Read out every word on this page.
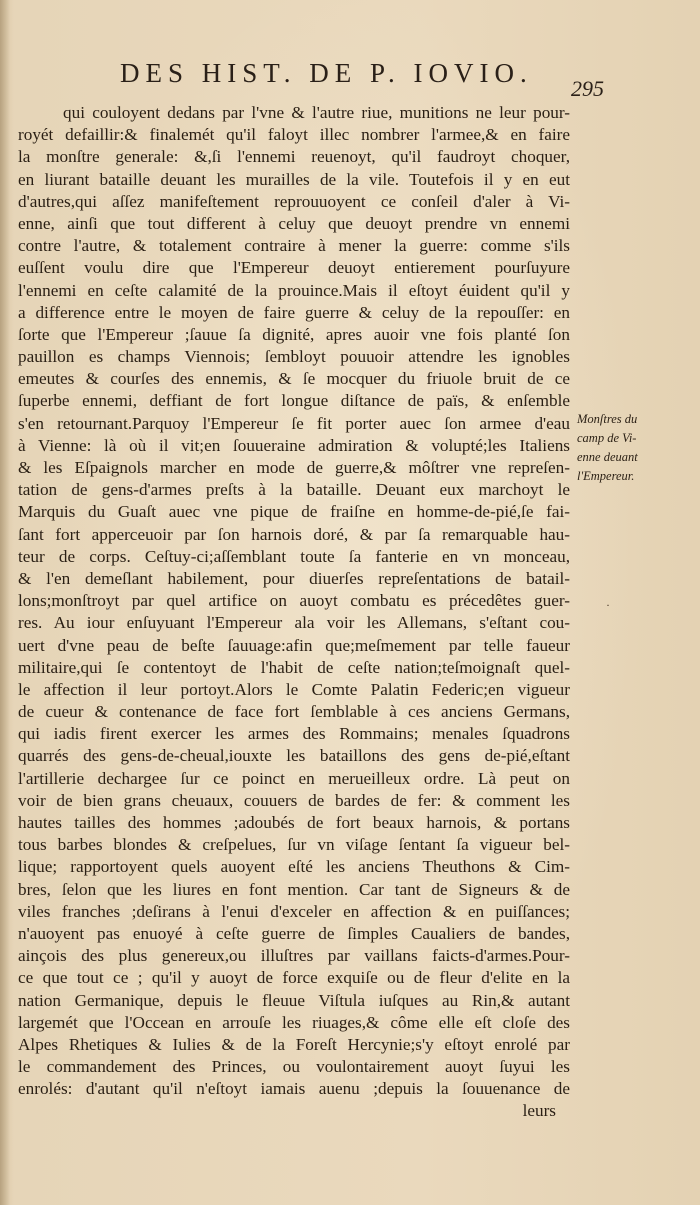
DES HIST. DE P. IOVIO.
295
qui couloyent dedans par l'vne & l'autre riue, munitions ne leur pour-
royét defaillir:& finalemét qu'il faloyt illec nombrer l'armee,& en faire
la monſtre generale: &,ſi l'ennemi reuenoyt, qu'il faudroyt choquer,
en liurant bataille deuant les murailles de la vile. Toutefois il y en eut
d'autres,qui aſſez manifeſtement reprouuoyent ce conſeil d'aler à Vi-
enne, ainſi que tout different à celuy que deuoyt prendre vn ennemi
contre l'autre, & totalement contraire à mener la guerre: comme s'ils
euſſent voulu dire que l'Empereur deuoyt entierement pourſuyure
l'ennemi en ceſte calamité de la prouince.Mais il eſtoyt éuident qu'il y
a difference entre le moyen de faire guerre & celuy de la repouſſer: en
ſorte que l'Empereur ;ſauue ſa dignité, apres auoir vne fois planté ſon
pauillon es champs Viennois; ſembloyt pouuoir attendre les ignobles
emeutes & courſes des ennemis, & ſe mocquer du friuole bruit de ce
ſuperbe ennemi, deffiant de fort longue diſtance de païs, & enſemble
s'en retournant.Parquoy l'Empereur ſe fit porter auec ſon armee d'eau
à Vienne: là où il vit;en ſouueraine admiration & volupté;les Italiens
& les Eſpaignols marcher en mode de guerre,& môſtrer vne repreſen-
tation de gens-d'armes preſts à la bataille. Deuant eux marchoyt le
Marquis du Guaſt auec vne pique de fraiſne en homme-de-pié,ſe fai-
ſant fort apperceuoir par ſon harnois doré, & par ſa remarquable hau-
teur de corps. Ceſtuy-ci;aſſemblant toute ſa fanterie en vn monceau,
& l'en demeſlant habilement, pour diuerſes repreſentations de batail-
lons;monſtroyt par quel artifice on auoyt combatu es précedêtes guer-
res. Au iour enſuyuant l'Empereur ala voir les Allemans, s'eſtant cou-
uert d'vne peau de beſte ſauuage:afin que;meſmement par telle faueur
militaire,qui ſe contentoyt de l'habit de ceſte nation;teſmoignaſt quel-
le affection il leur portoyt.Alors le Comte Palatin Federic;en vigueur
de cueur & contenance de face fort ſemblable à ces anciens Germans,
qui iadis firent exercer les armes des Rommains; menales ſquadrons
quarrés des gens-de-cheual,iouxte les bataillons des gens de-pié,eſtant
l'artillerie dechargee ſur ce poinct en merueilleux ordre. Là peut on
voir de bien grans cheuaux, couuers de bardes de fer: & comment les
hautes tailles des hommes ;adoubés de fort beaux harnois, & portans
tous barbes blondes & creſpelues, ſur vn viſage ſentant ſa vigueur bel-
lique; rapportoyent quels auoyent eſté les anciens Theuthons & Cim-
bres, ſelon que les liures en font mention. Car tant de Signeurs & de
viles franches ;deſirans à l'enui d'exceler en affection & en puiſſances;
n'auoyent pas enuoyé à ceſte guerre de ſimples Caualiers de bandes,
ainçois des plus genereux,ou illuſtres par vaillans faicts-d'armes.Pour-
ce que tout ce ; qu'il y auoyt de force exquiſe ou de fleur d'elite en la
nation Germanique, depuis le fleuue Viſtula iuſques au Rin,& autant
largemét que l'Occean en arrouſe les riuages,& côme elle eſt cloſe des
Alpes Rhetiques & Iulies & de la Foreſt Hercynie;s'y eſtoyt enrolé par
le commandement des Princes, ou voulontairement auoyt ſuyui les
enrolés: d'autant qu'il n'eſtoyt iamais auenu ;depuis la ſouuenance de
leurs
Monſtres du
camp de Vi-
enne deuant
l'Empereur.
·
